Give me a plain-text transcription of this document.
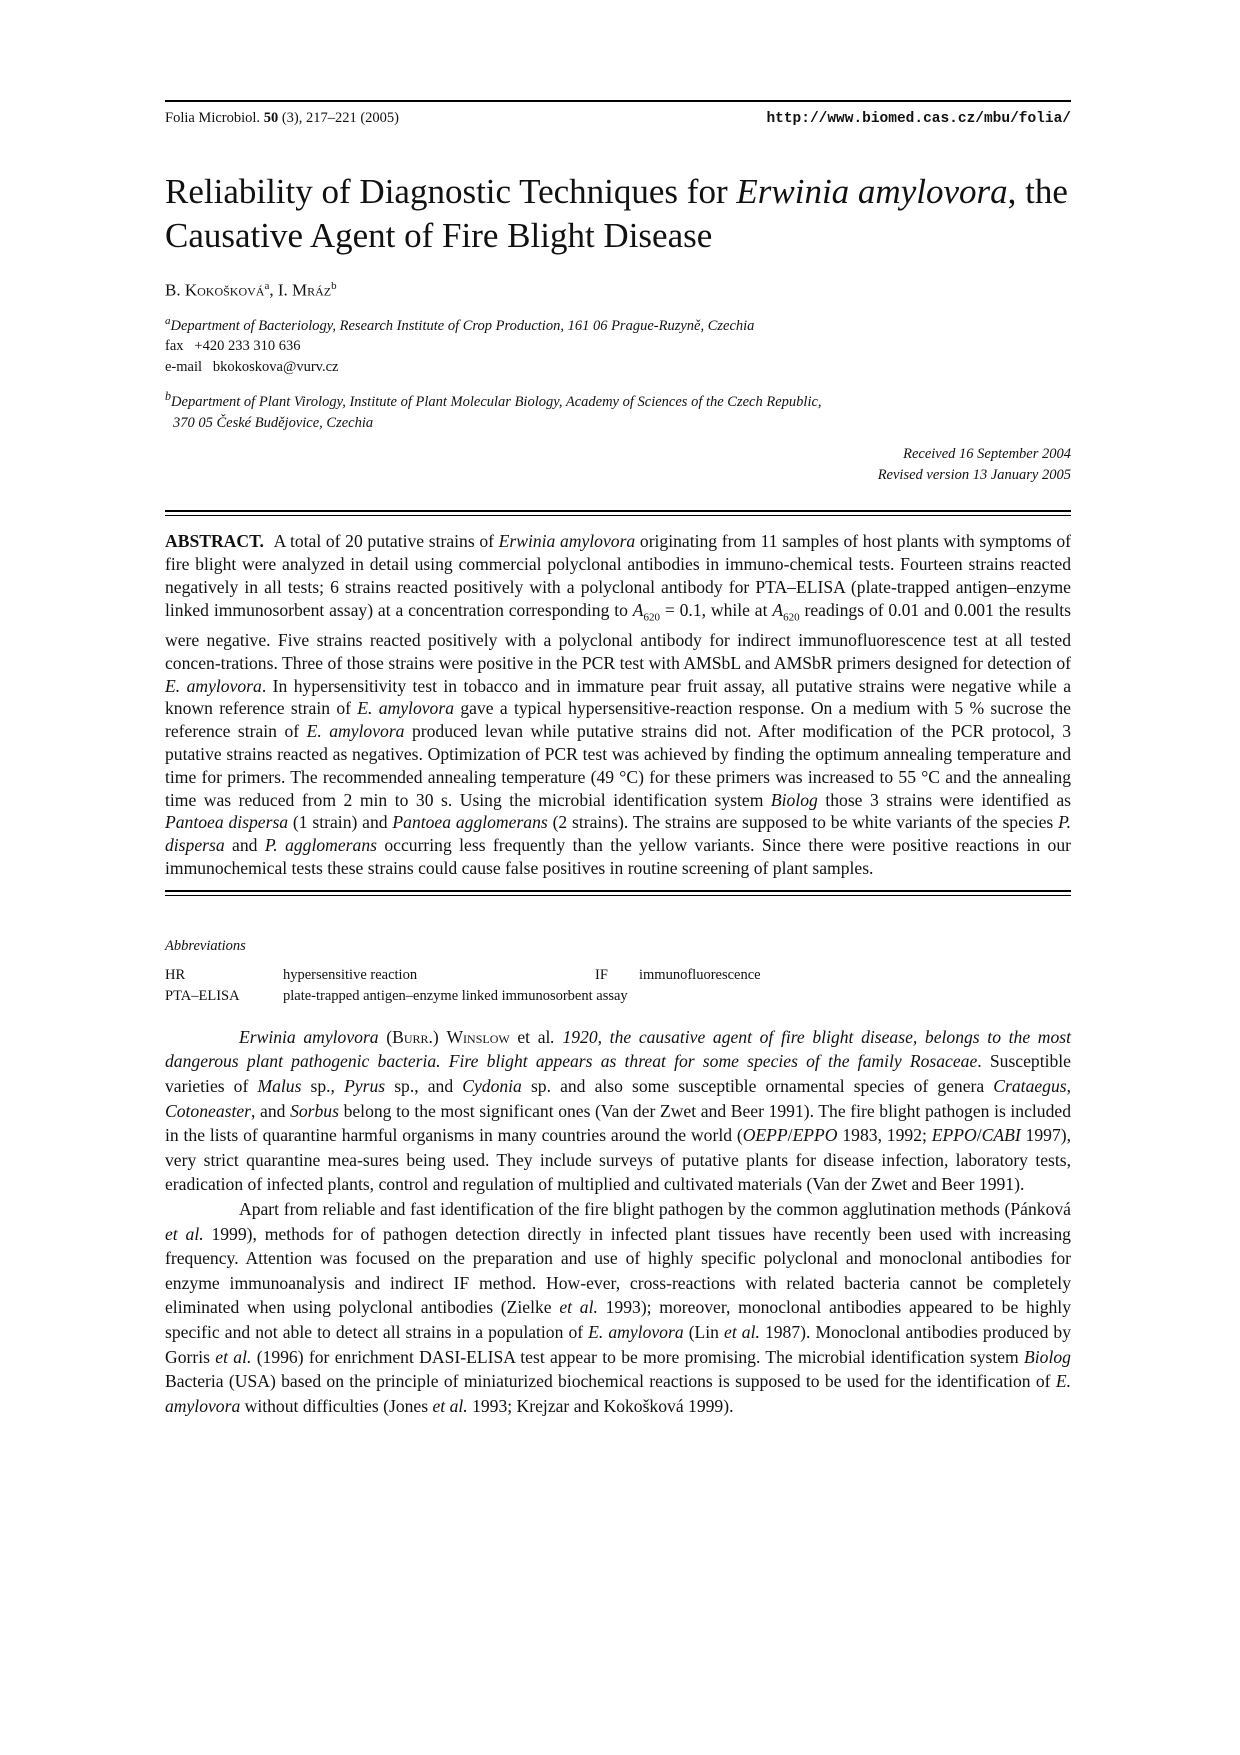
Folia Microbiol. 50 (3), 217–221 (2005)	http://www.biomed.cas.cz/mbu/folia/
Reliability of Diagnostic Techniques for Erwinia amylovora, the Causative Agent of Fire Blight Disease
B. Kokošková$^a$, I. Mráz$^b$
$^a$Department of Bacteriology, Research Institute of Crop Production, 161 06 Prague-Ruzyně, Czechia
fax   +420 233 310 636
e-mail   bkokoskova@vurv.cz
$^b$Department of Plant Virology, Institute of Plant Molecular Biology, Academy of Sciences of the Czech Republic,
370 05 České Budějovice, Czechia
Received 16 September 2004
Revised version 13 January 2005
ABSTRACT. A total of 20 putative strains of Erwinia amylovora originating from 11 samples of host plants with symptoms of fire blight were analyzed in detail using commercial polyclonal antibodies in immuno-chemical tests. Fourteen strains reacted negatively in all tests; 6 strains reacted positively with a polyclonal antibody for PTA–ELISA (plate-trapped antigen–enzyme linked immunosorbent assay) at a concentration corresponding to $A_{620} = 0.1$, while at $A_{620}$ readings of 0.01 and 0.001 the results were negative. Five strains reacted positively with a polyclonal antibody for indirect immunofluorescence test at all tested concen-trations. Three of those strains were positive in the PCR test with AMSbL and AMSbR primers designed for detection of E. amylovora. In hypersensitivity test in tobacco and in immature pear fruit assay, all putative strains were negative while a known reference strain of E. amylovora gave a typical hypersensitive-reaction response. On a medium with 5 % sucrose the reference strain of E. amylovora produced levan while putative strains did not. After modification of the PCR protocol, 3 putative strains reacted as negatives. Optimization of PCR test was achieved by finding the optimum annealing temperature and time for primers. The recommended annealing temperature (49 °C) for these primers was increased to 55 °C and the annealing time was reduced from 2 min to 30 s. Using the microbial identification system Biolog those 3 strains were identified as Pantoea dispersa (1 strain) and Pantoea agglomerans (2 strains). The strains are supposed to be white variants of the species P. dispersa and P. agglomerans occurring less frequently than the yellow variants. Since there were positive reactions in our immunochemical tests these strains could cause false positives in routine screening of plant samples.
Abbreviations
HR	hypersensitive reaction	IF	immunofluorescence
PTA–ELISA	plate-trapped antigen–enzyme linked immunosorbent assay		

Erwinia amylovora (Burr.) Winslow et al. 1920, the causative agent of fire blight disease, belongs to the most dangerous plant pathogenic bacteria. Fire blight appears as threat for some species of the family Rosaceae. Susceptible varieties of Malus sp., Pyrus sp., and Cydonia sp. and also some susceptible ornamental species of genera Crataegus, Cotoneaster, and Sorbus belong to the most significant ones (Van der Zwet and Beer 1991). The fire blight pathogen is included in the lists of quarantine harmful organisms in many countries around the world (OEPP/EPPO 1983, 1992; EPPO/CABI 1997), very strict quarantine mea-sures being used. They include surveys of putative plants for disease infection, laboratory tests, eradication of infected plants, control and regulation of multiplied and cultivated materials (Van der Zwet and Beer 1991).

Apart from reliable and fast identification of the fire blight pathogen by the common agglutination methods (Pánková et al. 1999), methods for of pathogen detection directly in infected plant tissues have recently been used with increasing frequency. Attention was focused on the preparation and use of highly specific polyclonal and monoclonal antibodies for enzyme immunoanalysis and indirect IF method. How-ever, cross-reactions with related bacteria cannot be completely eliminated when using polyclonal antibodies (Zielke et al. 1993); moreover, monoclonal antibodies appeared to be highly specific and not able to detect all strains in a population of E. amylovora (Lin et al. 1987). Monoclonal antibodies produced by Gorris et al. (1996) for enrichment DASI-ELISA test appear to be more promising. The microbial identification system Biolog Bacteria (USA) based on the principle of miniaturized biochemical reactions is supposed to be used for the identification of E. amylovora without difficulties (Jones et al. 1993; Krejzar and Kokošková 1999).
